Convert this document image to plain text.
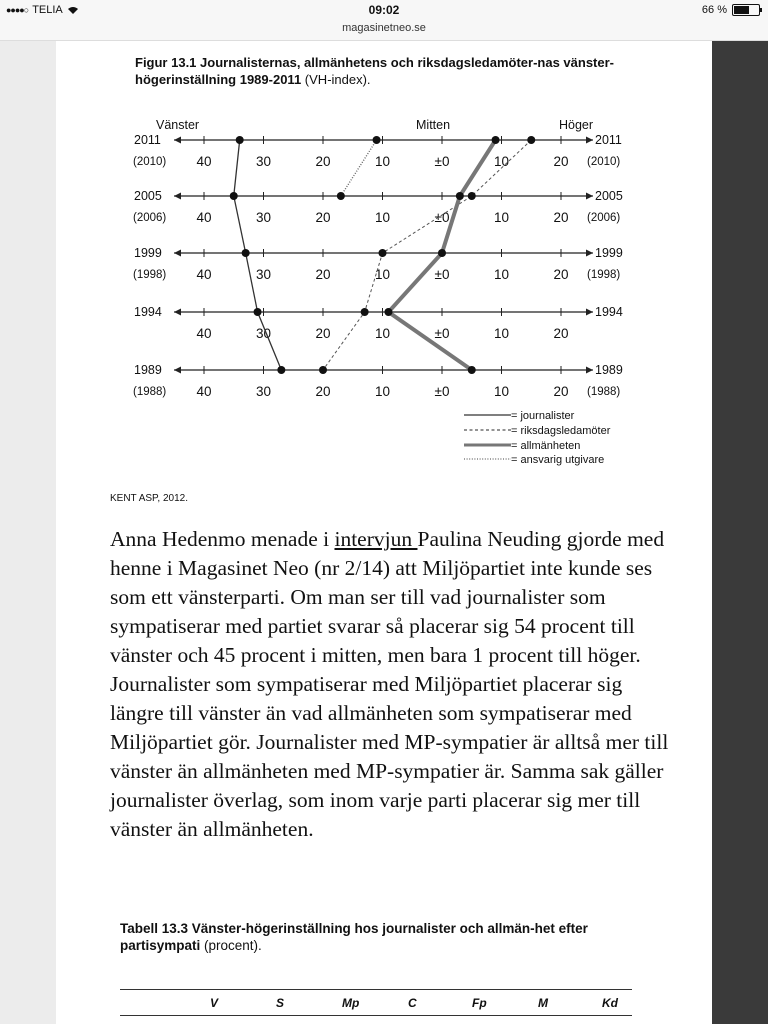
●●●●○ TELIA	09:02	66 %
magasinetneo.se
Figur 13.1 Journalisternas, allmänhetens och riksdagsledamöter-nas vänster-högerinställning 1989-2011 (VH-index).
Vänster	Mitten	Höger
2011	2011
(2010)	(2010)
40	30	20	10	±0	10	20
2005	2005
(2006)	(2006)
40	30	20	10	±0	10	20
1999	1999
(1998)	(1998)
40	30	20	10	±0	10	20
1994	1994
40	30	20	10	±0	10	20
1989	1989
(1988)	(1988)
40	30	20	10	±0	10	20
= journalister
= riksdagsledamöter
= allmänheten
= ansvarig utgivare
KENT ASP, 2012.

Anna Hedenmo menade i intervjun Paulina Neuding gjorde med henne i Magasinet Neo (nr 2/14) att Miljöpartiet inte kunde ses som ett vänsterparti. Om man ser till vad journalister som sympatiserar med partiet svarar så placerar sig 54 procent till vänster och 45 procent i mitten, men bara 1 procent till höger. Journalister som sympatiserar med Miljöpartiet placerar sig längre till vänster än vad allmänheten som sympatiserar med Miljöpartiet gör. Journalister med MP-sympatier är alltså mer till vänster än allmänheten med MP-sympatier är. Samma sak gäller journalister överlag, som inom varje parti placerar sig mer till vänster än allmänheten.

Tabell 13.3 Vänster-högerinställning hos journalister och allmän-het efter partisympati (procent).
V	S	Mp	C	Fp	M	Kd
